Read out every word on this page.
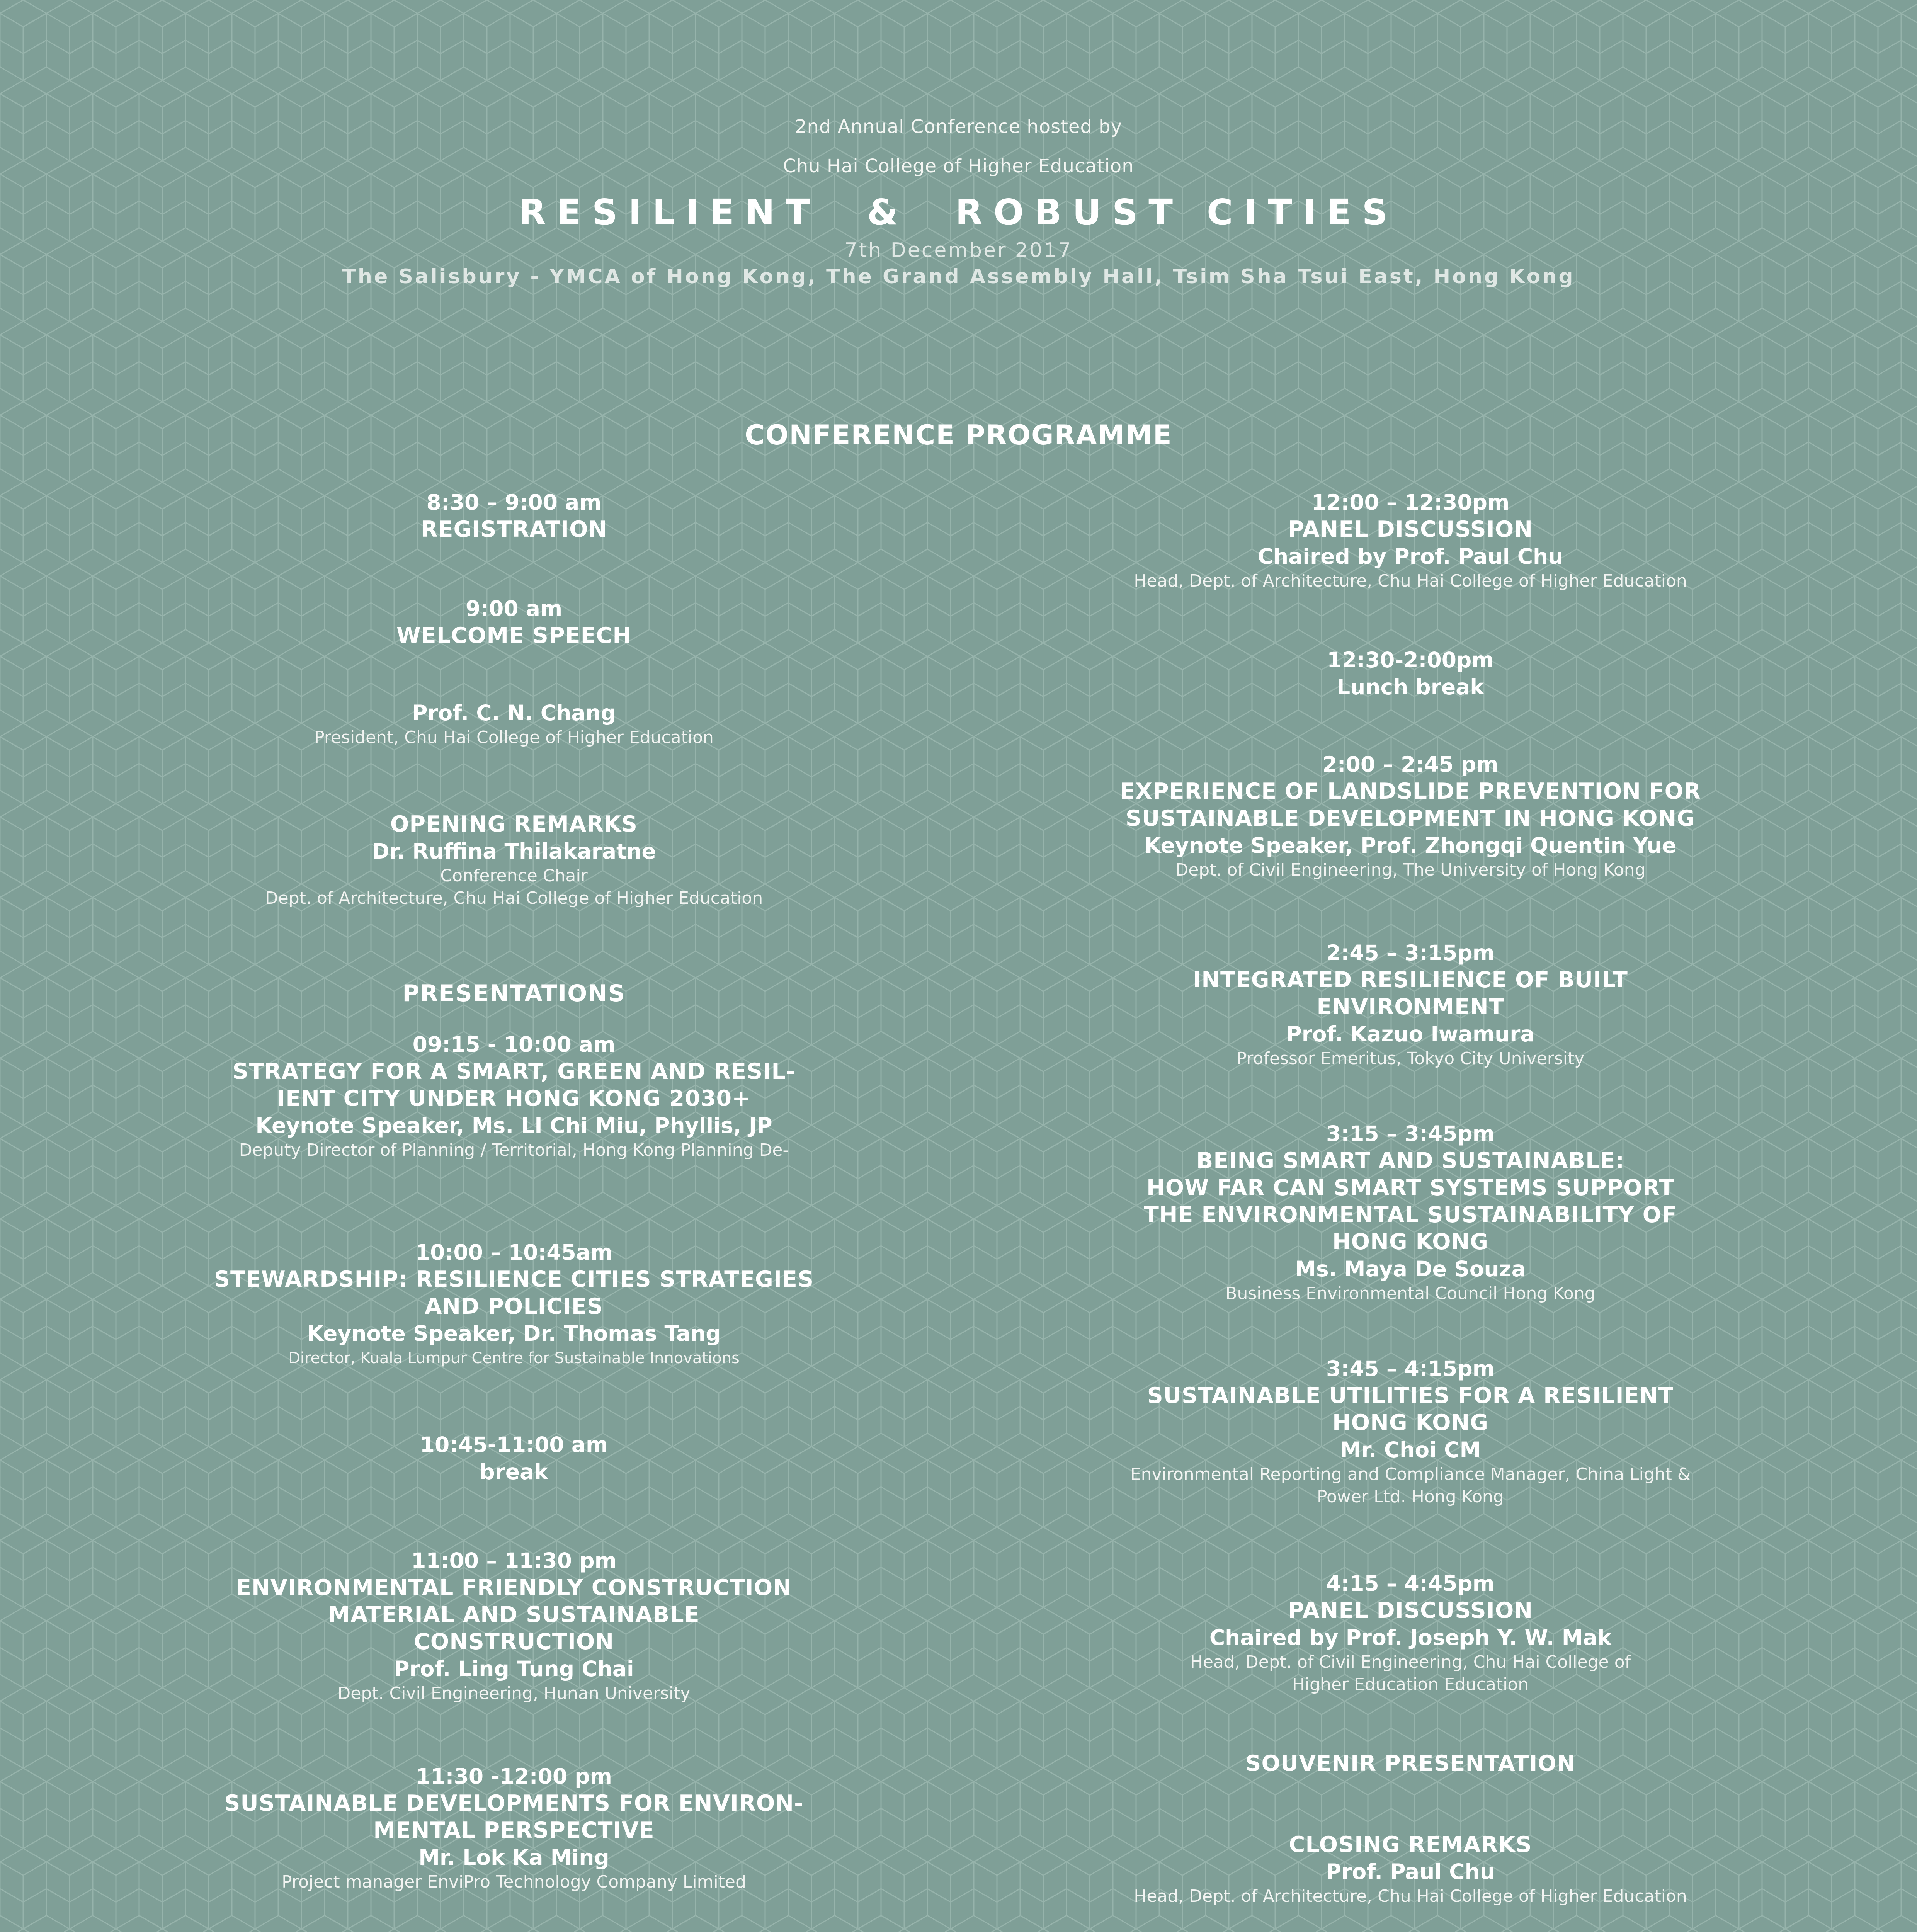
2nd Annual Conference hosted by
Chu Hai College of Higher Education
RESILIENT  &  ROBUST CITIES
7th December 2017
The Salisbury - YMCA of Hong Kong, The Grand Assembly Hall, Tsim Sha Tsui East, Hong Kong
CONFERENCE PROGRAMME

8:30 – 9:00 am

REGISTRATION

9:00 am

WELCOME SPEECH

Prof. C. N. Chang

President, Chu Hai College of Higher Education

OPENING REMARKS

Dr. Ruffina Thilakaratne

Conference Chair

Dept. of Architecture, Chu Hai College of Higher Education

PRESENTATIONS

09:15 - 10:00 am

STRATEGY FOR A SMART, GREEN AND RESIL-

IENT CITY UNDER HONG KONG 2030+

Keynote Speaker, Ms. LI Chi Miu, Phyllis, JP

Deputy Director of Planning / Territorial, Hong Kong Planning De-

10:00 – 10:45am

STEWARDSHIP: RESILIENCE CITIES STRATEGIES

AND POLICIES

Keynote Speaker, Dr. Thomas Tang

Director, Kuala Lumpur Centre for Sustainable Innovations

10:45-11:00 am

break

11:00 – 11:30 pm

ENVIRONMENTAL FRIENDLY CONSTRUCTION

MATERIAL AND SUSTAINABLE

CONSTRUCTION

Prof. Ling Tung Chai

Dept. Civil Engineering, Hunan University

11:30 -12:00 pm

SUSTAINABLE DEVELOPMENTS FOR ENVIRON-

MENTAL PERSPECTIVE

Mr. Lok Ka Ming

Project manager EnviPro Technology Company Limited

12:00 – 12:30pm

PANEL DISCUSSION

Chaired by Prof. Paul Chu

Head, Dept. of Architecture, Chu Hai College of Higher Education

12:30-2:00pm

Lunch break

2:00 – 2:45 pm

EXPERIENCE OF LANDSLIDE PREVENTION FOR

SUSTAINABLE DEVELOPMENT IN HONG KONG

Keynote Speaker, Prof. Zhongqi Quentin Yue

Dept. of Civil Engineering, The University of Hong Kong

2:45 – 3:15pm

INTEGRATED RESILIENCE OF BUILT

ENVIRONMENT

Prof. Kazuo Iwamura

Professor Emeritus, Tokyo City University

3:15 – 3:45pm

BEING SMART AND SUSTAINABLE:

HOW FAR CAN SMART SYSTEMS SUPPORT

THE ENVIRONMENTAL SUSTAINABILITY OF

HONG KONG

Ms. Maya De Souza

Business Environmental Council Hong Kong

3:45 – 4:15pm

SUSTAINABLE UTILITIES FOR A RESILIENT

HONG KONG

Mr. Choi CM

Environmental Reporting and Compliance Manager, China Light &

Power Ltd. Hong Kong

4:15 – 4:45pm

PANEL DISCUSSION

Chaired by Prof. Joseph Y. W. Mak

Head, Dept. of Civil Engineering, Chu Hai College of

Higher Education Education

SOUVENIR PRESENTATION

CLOSING REMARKS

Prof. Paul Chu

Head, Dept. of Architecture, Chu Hai College of Higher Education
